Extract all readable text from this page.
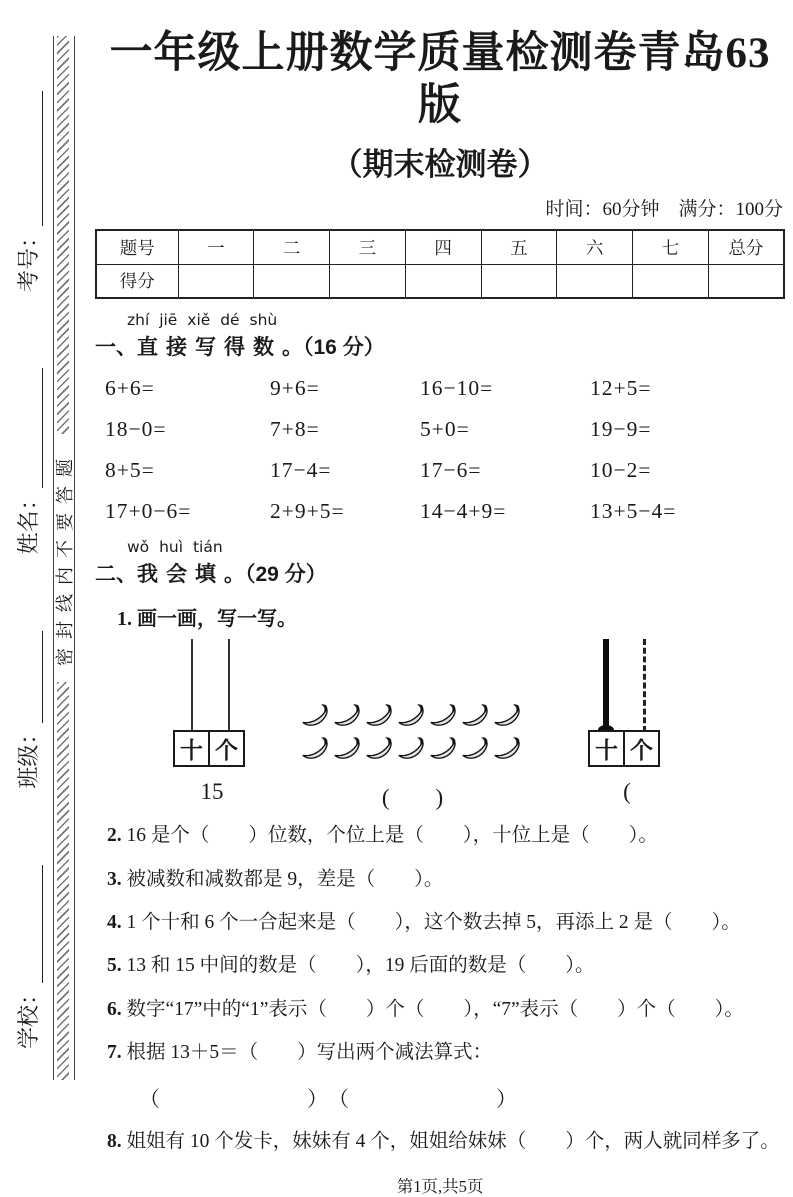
学校：
班级：
姓名：
考号：
密封线内不要答题
一年级上册数学质量检测卷青岛63版
（期末检测卷）
时间：60分钟　满分：100分
题号	一	二	三	四	五	六	七	总分
得分								
zhí jiē xiě dé shù
一、直接写得数。（16 分）
6+6=	9+6=	16−10=	12+5=
18−0=	7+8=	5+0=	19−9=
8+5=	17−4=	17−6=	10−2=
17+0−6=	2+9+5=	14−4+9=	13+5−4=
wǒ huì tián
二、我会填。（29 分）
1. 画一画，写一写。
十 个
15	(　　)
十 个
(
2. 16 是个（　　）位数，个位上是（　　），十位上是（　　）。
3. 被减数和减数都是 9，差是（　　）。
4. 1 个十和 6 个一合起来是（　　），这个数去掉 5，再添上 2 是（　　）。
5. 13 和 15 中间的数是（　　），19 后面的数是（　　）。
6. 数字“17”中的“1”表示（　　）个（　　），“7”表示（　　）个（　　）。
7. 根据 13＋5＝（　　）写出两个减法算式：
（　　　　　　　）　（　　　　　　　）
8. 姐姐有 10 个发卡，妹妹有 4 个，姐姐给妹妹（　　）个，两人就同样多了。
第1页,共5页
